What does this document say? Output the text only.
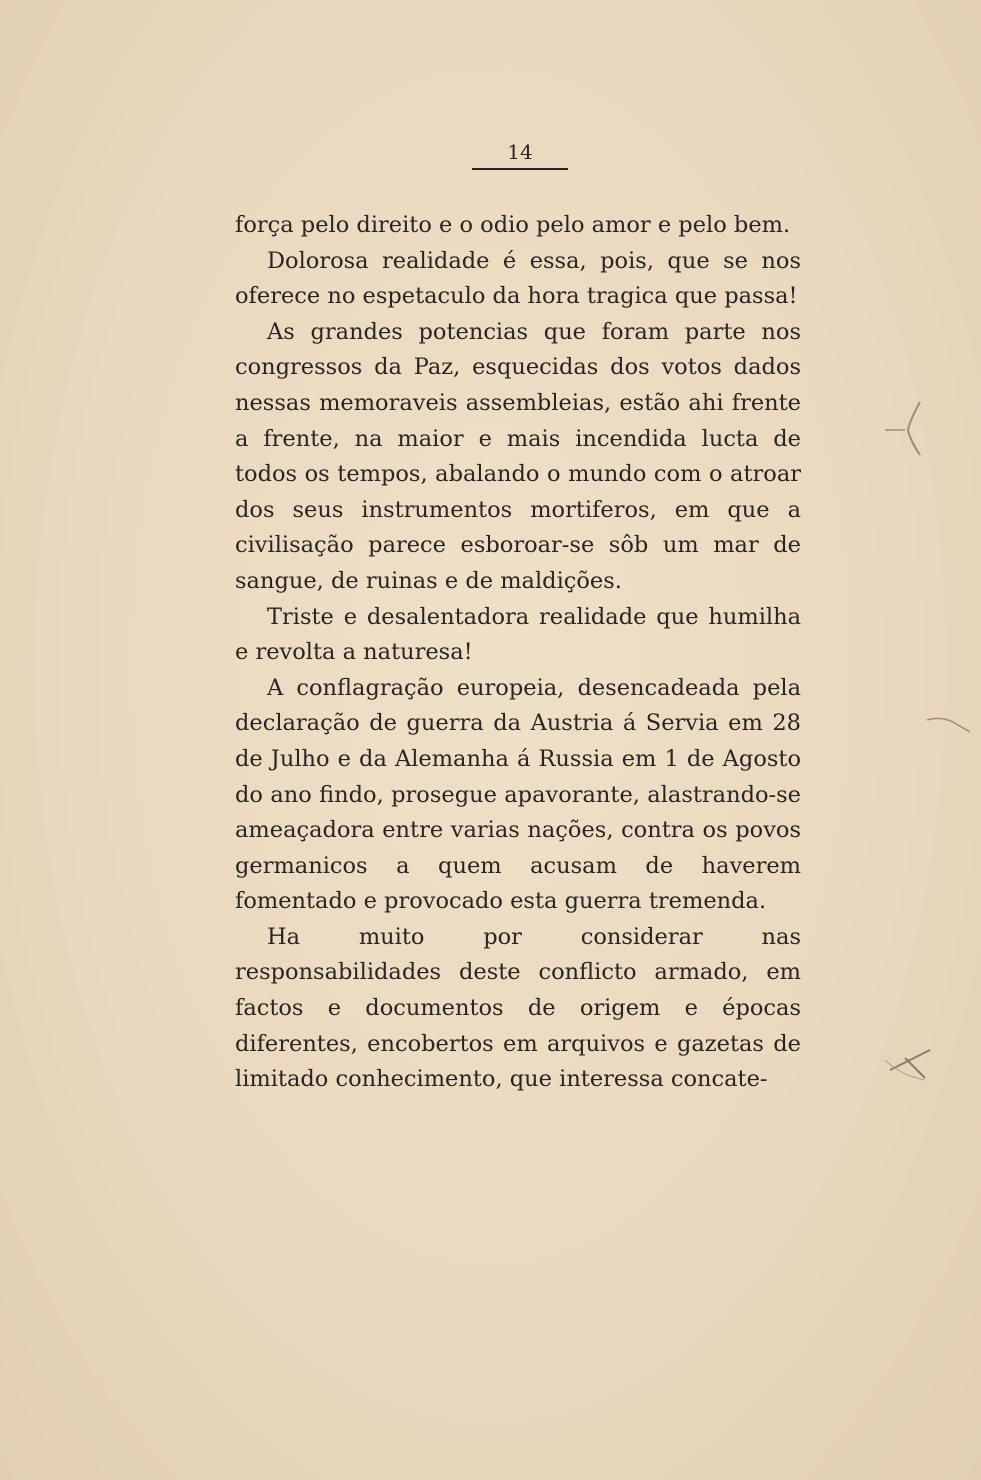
14

força pelo direito e o odio pelo amor e pelo bem.

Dolorosa realidade é essa, pois, que se nos oferece no espetaculo da hora tragica que passa!

As grandes potencias que foram parte nos congressos da Paz, esquecidas dos votos dados nessas memoraveis assembleias, estão ahi frente a frente, na maior e mais incendida lucta de todos os tempos, abalando o mundo com o atroar dos seus instrumentos mortiferos, em que a civilisação parece esboroar-se sôb um mar de sangue, de ruinas e de maldições.

Triste e desalentadora realidade que humilha e revolta a naturesa!

A conflagração europeia, desencadeada pela declaração de guerra da Austria á Servia em 28 de Julho e da Alemanha á Russia em 1 de Agosto do ano findo, prosegue apavorante, alastrando-se ameaçadora entre varias nações, contra os povos germanicos a quem acusam de haverem fomentado e provocado esta guerra tremenda.

Ha muito por considerar nas responsabilidades deste conflicto armado, em factos e documentos de origem e épocas diferentes, encobertos em arquivos e gazetas de limitado conhecimento, que interessa concate-
